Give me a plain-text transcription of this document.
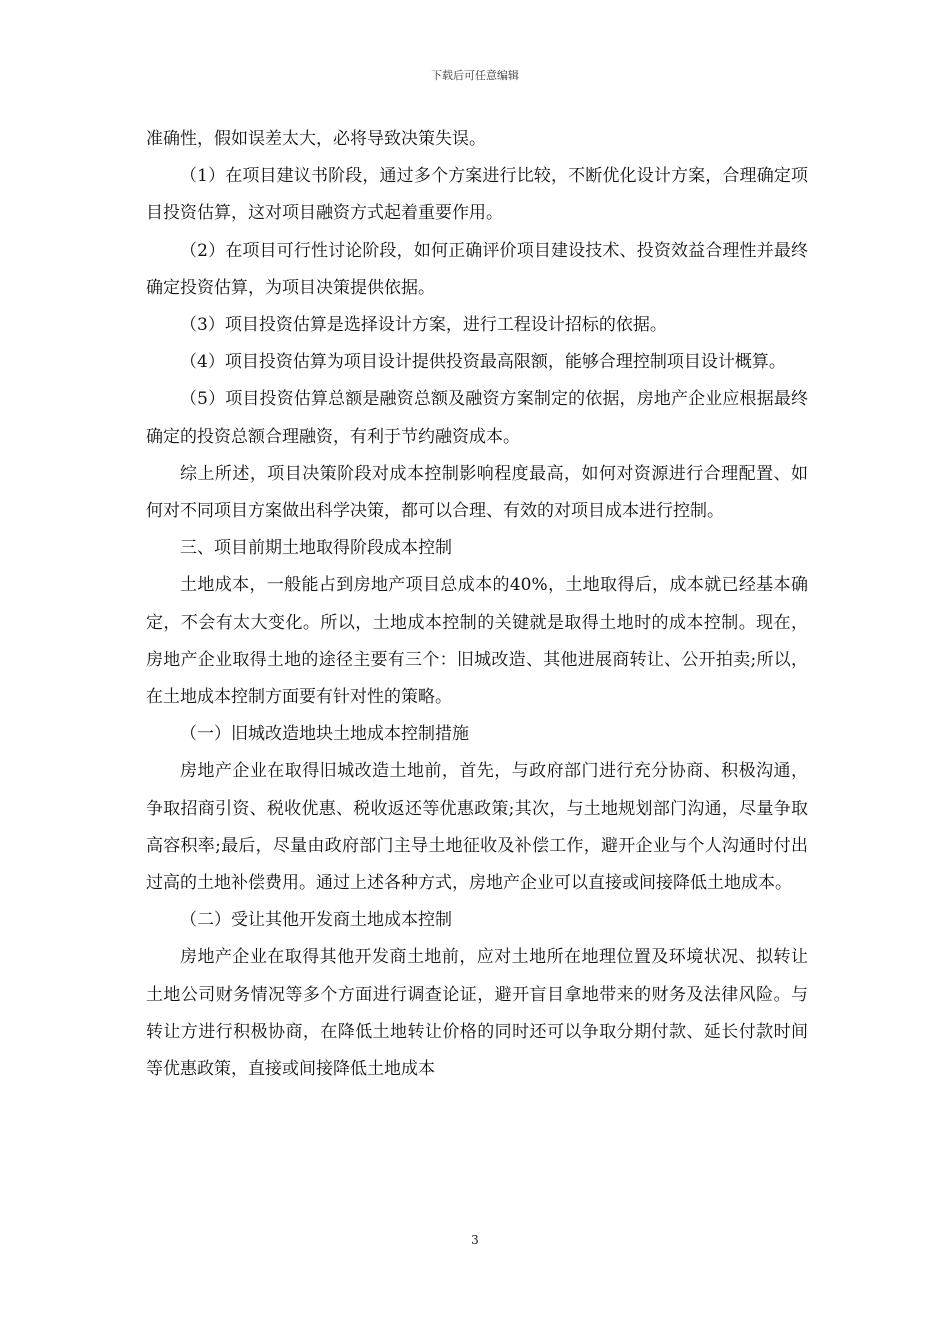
下载后可任意编辑

准确性，假如误差太大，必将导致决策失误。

（1）在项目建议书阶段，通过多个方案进行比较，不断优化设计方案，合理确定项目投资估算，这对项目融资方式起着重要作用。

（2）在项目可行性讨论阶段，如何正确评价项目建设技术、投资效益合理性并最终确定投资估算，为项目决策提供依据。

（3）项目投资估算是选择设计方案，进行工程设计招标的依据。

（4）项目投资估算为项目设计提供投资最高限额，能够合理控制项目设计概算。

（5）项目投资估算总额是融资总额及融资方案制定的依据，房地产企业应根据最终确定的投资总额合理融资，有利于节约融资成本。

综上所述，项目决策阶段对成本控制影响程度最高，如何对资源进行合理配置、如何对不同项目方案做出科学决策，都可以合理、有效的对项目成本进行控制。

三、项目前期土地取得阶段成本控制

土地成本，一般能占到房地产项目总成本的40%，土地取得后，成本就已经基本确定，不会有太大变化。所以，土地成本控制的关键就是取得土地时的成本控制。现在，房地产企业取得土地的途径主要有三个：旧城改造、其他进展商转让、公开拍卖;所以，在土地成本控制方面要有针对性的策略。

（一）旧城改造地块土地成本控制措施

房地产企业在取得旧城改造土地前，首先，与政府部门进行充分协商、积极沟通，争取招商引资、税收优惠、税收返还等优惠政策;其次，与土地规划部门沟通，尽量争取高容积率;最后，尽量由政府部门主导土地征收及补偿工作，避开企业与个人沟通时付出过高的土地补偿费用。通过上述各种方式，房地产企业可以直接或间接降低土地成本。

（二）受让其他开发商土地成本控制

房地产企业在取得其他开发商土地前，应对土地所在地理位置及环境状况、拟转让土地公司财务情况等多个方面进行调查论证，避开盲目拿地带来的财务及法律风险。与转让方进行积极协商，在降低土地转让价格的同时还可以争取分期付款、延长付款时间等优惠政策，直接或间接降低土地成本

3
